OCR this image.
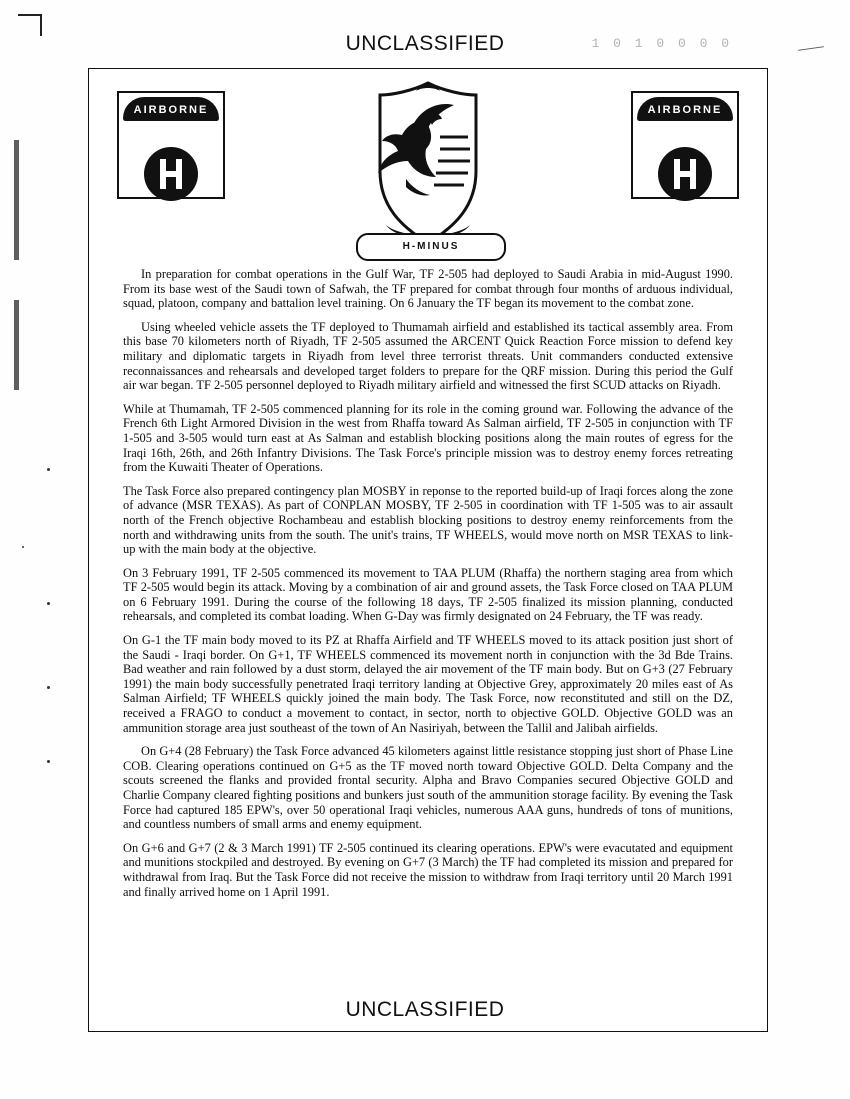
1 0 1 0 0 0 0
UNCLASSIFIED
AIRBORNE
H-MINUS
AIRBORNE

In preparation for combat operations in the Gulf War, TF 2-505 had deployed to Saudi Arabia in mid-August 1990. From its base west of the Saudi town of Safwah, the TF prepared for combat through four months of arduous individual, squad, platoon, company and battalion level training. On 6 January the TF began its movement to the combat zone.

Using wheeled vehicle assets the TF deployed to Thumamah airfield and established its tactical assembly area. From this base 70 kilometers north of Riyadh, TF 2-505 assumed the ARCENT Quick Reaction Force mission to defend key military and diplomatic targets in Riyadh from level three terrorist threats. Unit commanders conducted extensive reconnaissances and rehearsals and developed target folders to prepare for the QRF mission. During this period the Gulf air war began. TF 2-505 personnel deployed to Riyadh military airfield and witnessed the first SCUD attacks on Riyadh.

While at Thumamah, TF 2-505 commenced planning for its role in the coming ground war. Following the advance of the French 6th Light Armored Division in the west from Rhaffa toward As Salman airfield, TF 2-505 in conjunction with TF 1-505 and 3-505 would turn east at As Salman and establish blocking positions along the main routes of egress for the Iraqi 16th, 26th, and 26th Infantry Divisions. The Task Force's principle mission was to destroy enemy forces retreating from the Kuwaiti Theater of Operations.

The Task Force also prepared contingency plan MOSBY in reponse to the reported build-up of Iraqi forces along the zone of advance (MSR TEXAS). As part of CONPLAN MOSBY, TF 2-505 in coordination with TF 1-505 was to air assault north of the French objective Rochambeau and establish blocking positions to destroy enemy reinforcements from the north and withdrawing units from the south. The unit's trains, TF WHEELS, would move north on MSR TEXAS to link-up with the main body at the objective.

On 3 February 1991, TF 2-505 commenced its movement to TAA PLUM (Rhaffa) the northern staging area from which TF 2-505 would begin its attack. Moving by a combination of air and ground assets, the Task Force closed on TAA PLUM on 6 February 1991. During the course of the following 18 days, TF 2-505 finalized its mission planning, conducted rehearsals, and completed its combat loading. When G-Day was firmly designated on 24 February, the TF was ready.

On G-1 the TF main body moved to its PZ at Rhaffa Airfield and TF WHEELS moved to its attack position just short of the Saudi - Iraqi border. On G+1, TF WHEELS commenced its movement north in conjunction with the 3d Bde Trains. Bad weather and rain followed by a dust storm, delayed the air movement of the TF main body. But on G+3 (27 February 1991) the main body successfully penetrated Iraqi territory landing at Objective Grey, approximately 20 miles east of As Salman Airfield; TF WHEELS quickly joined the main body. The Task Force, now reconstituted and still on the DZ, received a FRAGO to conduct a movement to contact, in sector, north to objective GOLD. Objective GOLD was an ammunition storage area just southeast of the town of An Nasiriyah, between the Tallil and Jalibah airfields.

On G+4 (28 February) the Task Force advanced 45 kilometers against little resistance stopping just short of Phase Line COB. Clearing operations continued on G+5 as the TF moved north toward Objective GOLD. Delta Company and the scouts screened the flanks and provided frontal security. Alpha and Bravo Companies secured Objective GOLD and Charlie Company cleared fighting positions and bunkers just south of the ammunition storage facility. By evening the Task Force had captured 185 EPW's, over 50 operational Iraqi vehicles, numerous AAA guns, hundreds of tons of munitions, and countless numbers of small arms and enemy equipment.

On G+6 and G+7 (2 & 3 March 1991) TF 2-505 continued its clearing operations. EPW's were evacutated and equipment and munitions stockpiled and destroyed. By evening on G+7 (3 March) the TF had completed its mission and prepared for withdrawal from Iraq. But the Task Force did not receive the mission to withdraw from Iraqi territory until 20 March 1991 and finally arrived home on 1 April 1991.

UNCLASSIFIED
